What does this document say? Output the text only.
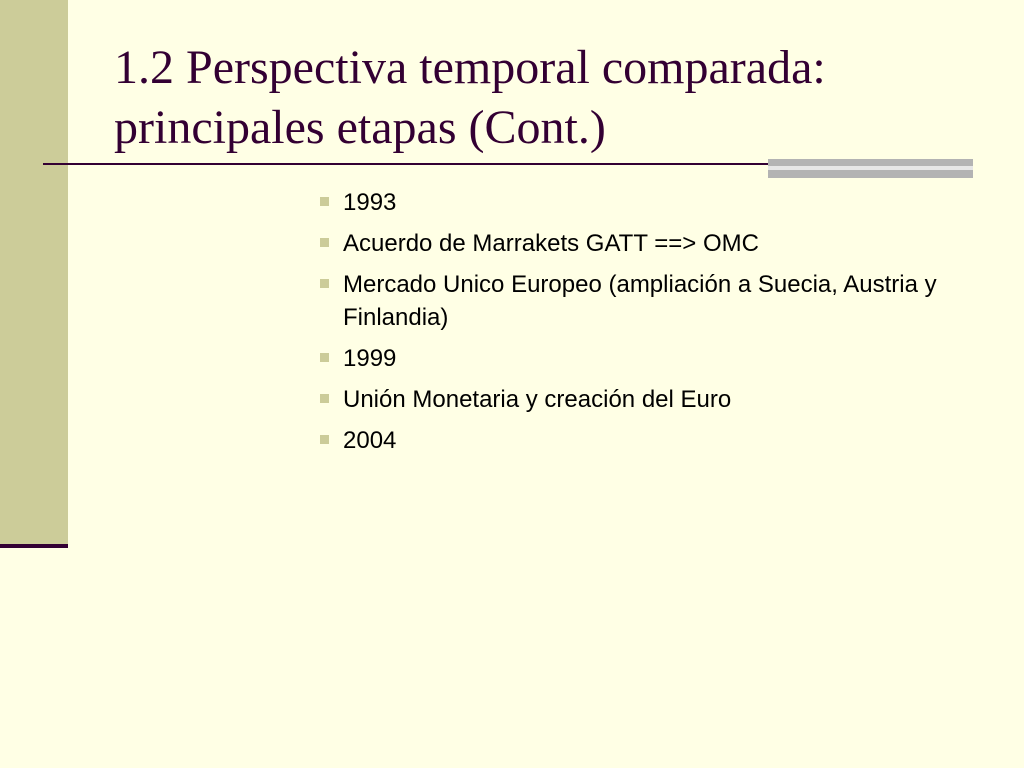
1.2 Perspectiva temporal comparada:
principales etapas (Cont.)
1993
Acuerdo de Marrakets GATT ==> OMC
Mercado Unico Europeo (ampliación a Suecia, Austria y Finlandia)
1999
Unión Monetaria y creación del Euro
2004
